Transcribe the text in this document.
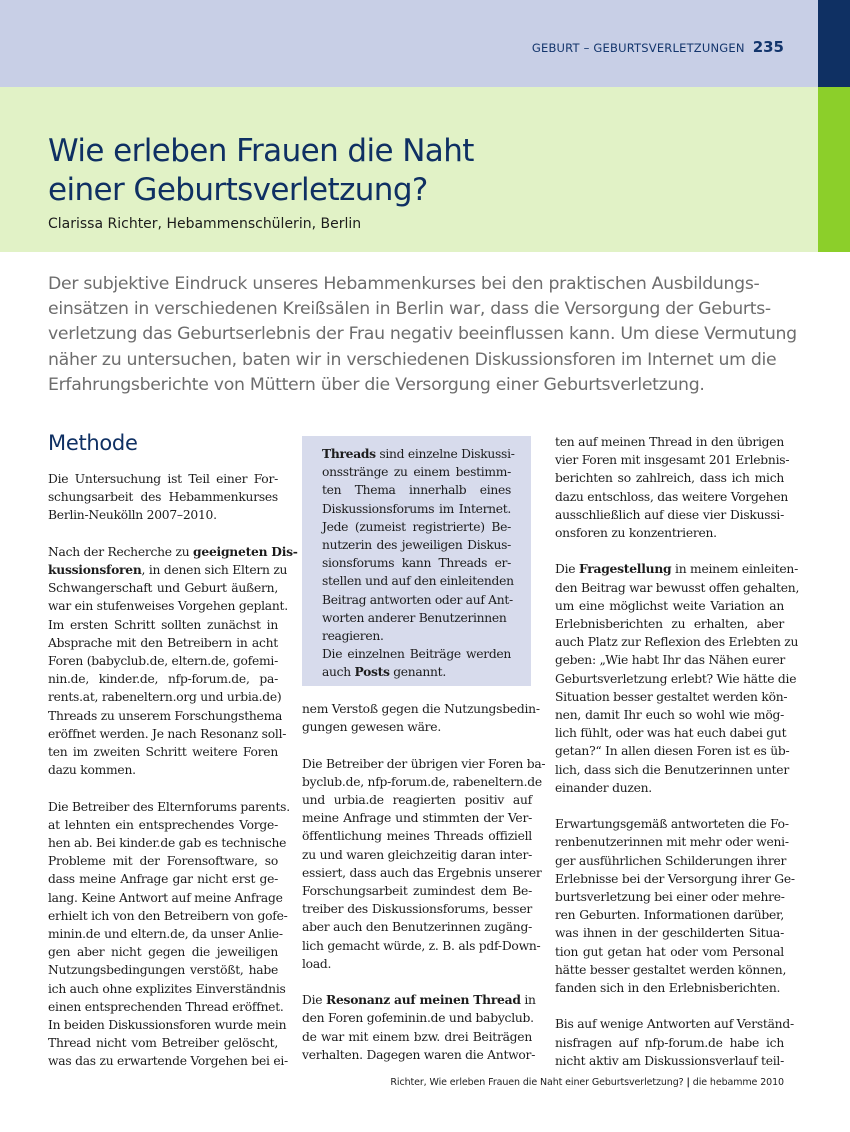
GEBURT – GEBURTSVERLETZUNGEN 235
Wie erleben Frauen die Naht
einer Geburtsverletzung?
Clarissa Richter, Hebammenschülerin, Berlin
Der subjektive Eindruck unseres Hebammenkurses bei den praktischen Ausbildungs-
einsätzen in verschiedenen Kreißsälen in Berlin war, dass die Versorgung der Geburts-
verletzung das Geburtserlebnis der Frau negativ beeinflussen kann. Um diese Vermutung
näher zu untersuchen, baten wir in verschiedenen Diskussionsforen im Internet um die
Erfahrungsberichte von Müttern über die Versorgung einer Geburtsverletzung.
Methode

Die Untersuchung ist Teil einer For-
schungsarbeit des Hebammenkurses
Berlin-Neukölln 2007–2010.

Nach der Recherche zu geeigneten Dis-
kussionsforen, in denen sich Eltern zu
Schwangerschaft und Geburt äußern,
war ein stufenweises Vorgehen geplant.
Im ersten Schritt sollten zunächst in
Absprache mit den Betreibern in acht
Foren (babyclub.de, eltern.de, gofemi-
nin.de, kinder.de, nfp-forum.de, pa-
rents.at, rabeneltern.org und urbia.de)
Threads zu unserem Forschungsthema
eröffnet werden. Je nach Resonanz soll-
ten im zweiten Schritt weitere Foren
dazu kommen.

Die Betreiber des Elternforums parents.
at lehnten ein entsprechendes Vorge-
hen ab. Bei kinder.de gab es technische
Probleme mit der Forensoftware, so
dass meine Anfrage gar nicht erst ge-
lang. Keine Antwort auf meine Anfrage
erhielt ich von den Betreibern von gofe-
minin.de und eltern.de, da unser Anlie-
gen aber nicht gegen die jeweiligen
Nutzungsbedingungen verstößt, habe
ich auch ohne explizites Einverständnis
einen entsprechenden Thread eröffnet.
In beiden Diskussionsforen wurde mein
Thread nicht vom Betreiber gelöscht,
was das zu erwartende Vorgehen bei ei-

Threads sind einzelne Diskussi-
onsstränge zu einem bestimm-
ten Thema innerhalb eines
Diskussionsforums im Internet.
Jede (zumeist registrierte) Be-
nutzerin des jeweiligen Diskus-
sionsforums kann Threads er-
stellen und auf den einleitenden
Beitrag antworten oder auf Ant-
worten anderer Benutzerinnen
reagieren.
Die einzelnen Beiträge werden
auch Posts genannt.

nem Verstoß gegen die Nutzungsbedin-
gungen gewesen wäre.

Die Betreiber der übrigen vier Foren ba-
byclub.de, nfp-forum.de, rabeneltern.de
und urbia.de reagierten positiv auf
meine Anfrage und stimmten der Ver-
öffentlichung meines Threads offiziell
zu und waren gleichzeitig daran inter-
essiert, dass auch das Ergebnis unserer
Forschungsarbeit zumindest dem Be-
treiber des Diskussionsforums, besser
aber auch den Benutzerinnen zugäng-
lich gemacht würde, z. B. als pdf-Down-
load.

Die Resonanz auf meinen Thread in
den Foren gofeminin.de und babyclub.
de war mit einem bzw. drei Beiträgen
verhalten. Dagegen waren die Antwor-

ten auf meinen Thread in den übrigen
vier Foren mit insgesamt 201 Erlebnis-
berichten so zahlreich, dass ich mich
dazu entschloss, das weitere Vorgehen
ausschließlich auf diese vier Diskussi-
onsforen zu konzentrieren.

Die Fragestellung in meinem einleiten-
den Beitrag war bewusst offen gehalten,
um eine möglichst weite Variation an
Erlebnisberichten zu erhalten, aber
auch Platz zur Reflexion des Erlebten zu
geben: „Wie habt Ihr das Nähen eurer
Geburtsverletzung erlebt? Wie hätte die
Situation besser gestaltet werden kön-
nen, damit Ihr euch so wohl wie mög-
lich fühlt, oder was hat euch dabei gut
getan?“ In allen diesen Foren ist es üb-
lich, dass sich die Benutzerinnen unter
einander duzen.

Erwartungsgemäß antworteten die Fo-
renbenutzerinnen mit mehr oder weni-
ger ausführlichen Schilderungen ihrer
Erlebnisse bei der Versorgung ihrer Ge-
burtsverletzung bei einer oder mehre-
ren Geburten. Informationen darüber,
was ihnen in der geschilderten Situa-
tion gut getan hat oder vom Personal
hätte besser gestaltet werden können,
fanden sich in den Erlebnisberichten.

Bis auf wenige Antworten auf Verständ-
nisfragen auf nfp-forum.de habe ich
nicht aktiv am Diskussionsverlauf teil-

Richter, Wie erleben Frauen die Naht einer Geburtsverletzung? | die hebamme 2010
